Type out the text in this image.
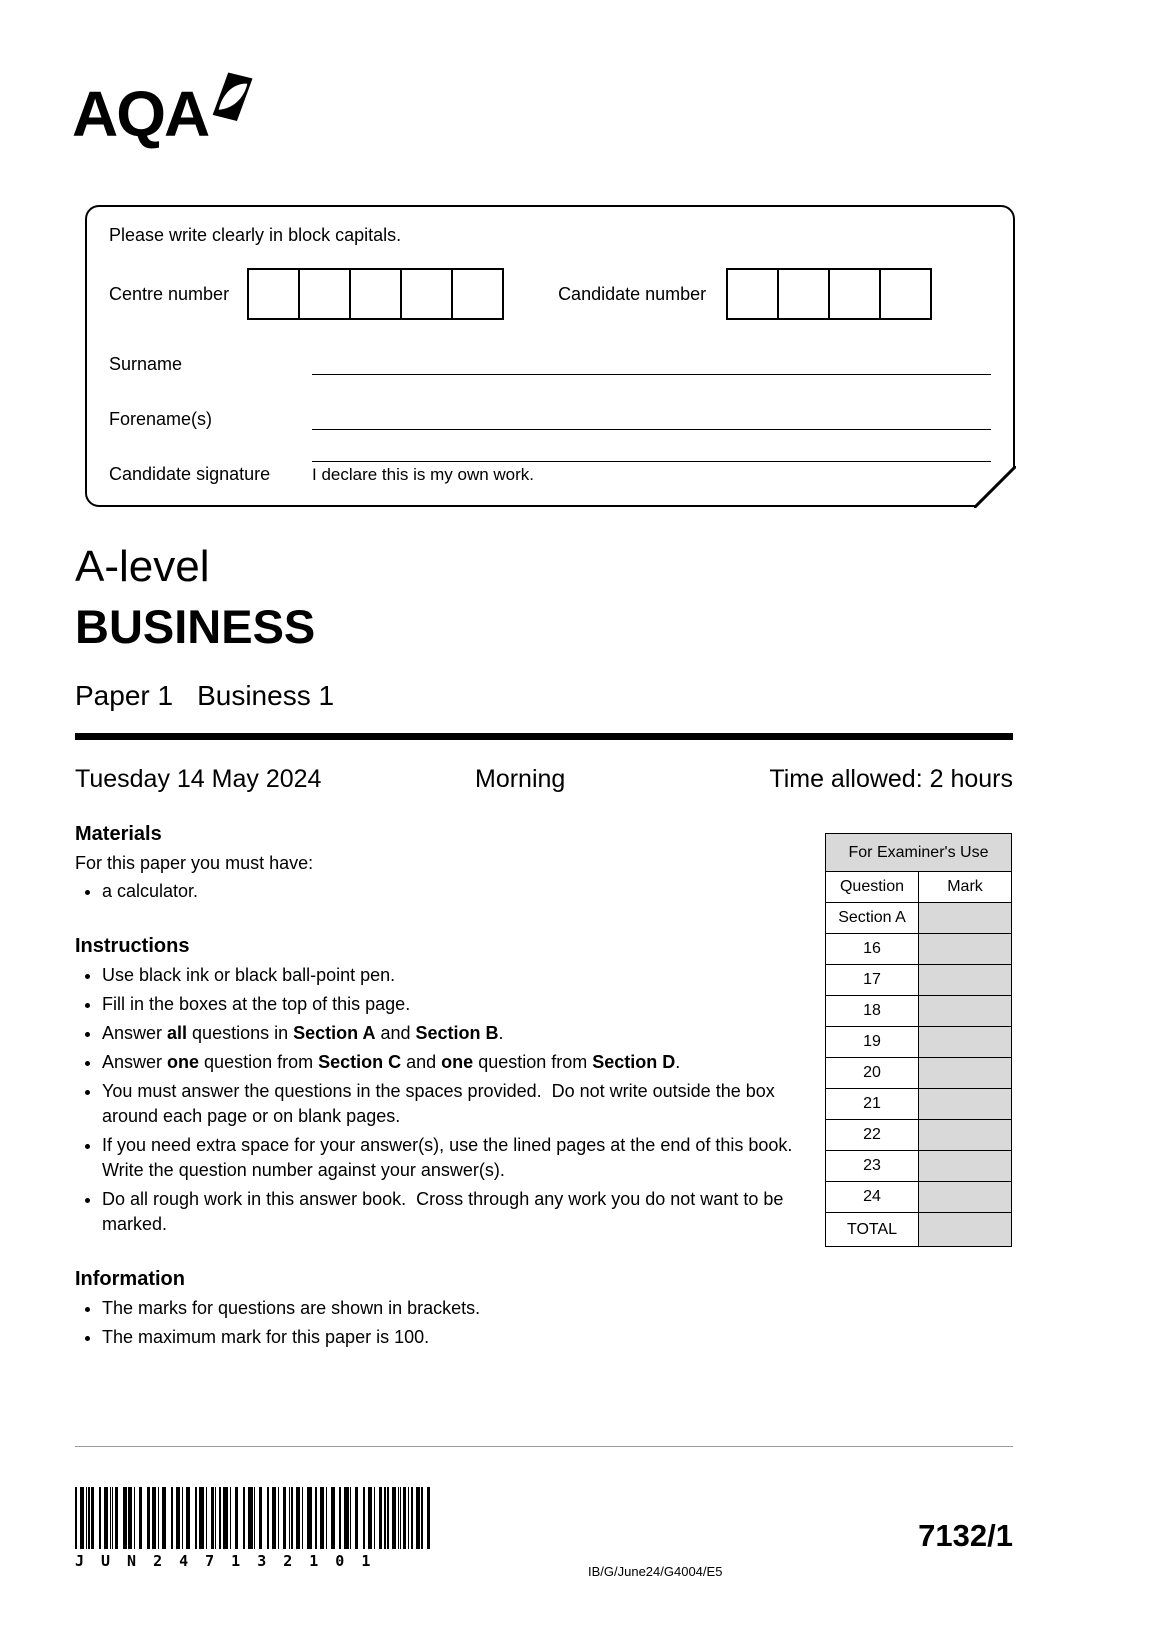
AQA

Please write clearly in block capitals.

Centre number	Candidate number
Surname
Forename(s)
Candidate signature	I declare this is my own work.
A-level
BUSINESS
Paper 1 Business 1
Tuesday 14 May 2024	Morning	Time allowed: 2 hours
Materials

For this paper you must have:

• a calculator.
Instructions
• Use black ink or black ball-point pen.
• Fill in the boxes at the top of this page.
• Answer all questions in Section A and Section B.
• Answer one question from Section C and one question from Section D.
• You must answer the questions in the spaces provided.  Do not write outside the box around each page or on blank pages.
• If you need extra space for your answer(s), use the lined pages at the end of this book.  Write the question number against your answer(s).
• Do all rough work in this answer book.  Cross through any work you do not want to be marked.
Information
• The marks for questions are shown in brackets.
• The maximum mark for this paper is 100.
For Examiner's Use	
Question	Mark
Section A	
16	
17	
18	
19	
20	
21	
22	
23	
24	
TOTAL	
JUN247132101
IB/G/June24/G4004/E5
7132/1
